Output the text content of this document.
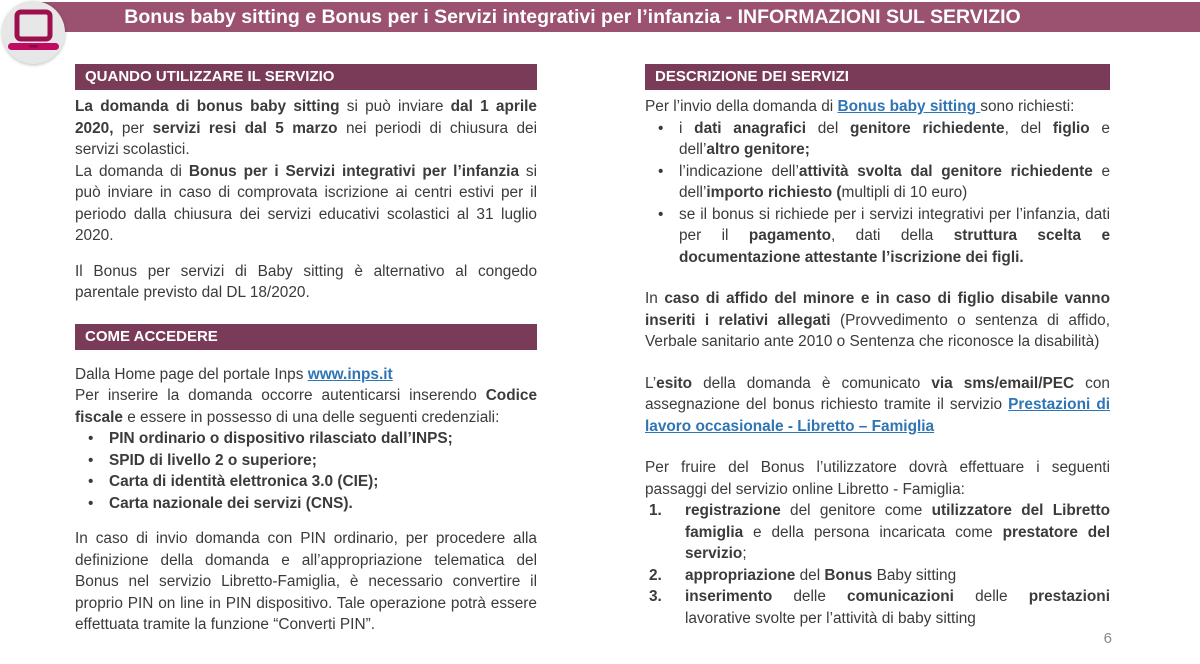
Bonus baby sitting e Bonus per i Servizi integrativi per l’infanzia - INFORMAZIONI SUL SERVIZIO
QUANDO UTILIZZARE IL SERVIZIO
La domanda di bonus baby sitting si può inviare dal 1 aprile 2020, per servizi resi dal 5 marzo nei periodi di chiusura dei servizi scolastici.
La domanda di Bonus per i Servizi integrativi per l’infanzia si può inviare in caso di comprovata iscrizione ai centri estivi per il periodo dalla chiusura dei servizi educativi scolastici al 31 luglio 2020.
Il Bonus per servizi di Baby sitting è alternativo al congedo parentale previsto dal DL 18/2020.
COME ACCEDERE
Dalla Home page del portale Inps www.inps.it
Per inserire la domanda occorre autenticarsi inserendo Codice fiscale e essere in possesso di una delle seguenti credenziali:
•	PIN ordinario o dispositivo rilasciato dall’INPS;
•	SPID di livello 2 o superiore;
•	Carta di identità elettronica 3.0 (CIE);
•	Carta nazionale dei servizi (CNS).
In caso di invio domanda con PIN ordinario, per procedere alla definizione della domanda e all’appropriazione telematica del Bonus nel servizio Libretto-Famiglia, è necessario convertire il proprio PIN on line in PIN dispositivo. Tale operazione potrà essere effettuata tramite la funzione “Converti PIN”.
DESCRIZIONE DEI SERVIZI
Per l’invio della domanda di Bonus baby sitting sono richiesti:
•	i dati anagrafici del genitore richiedente, del figlio e dell’altro genitore;
•	l’indicazione dell’attività svolta dal genitore richiedente e dell’importo richiesto (multipli di 10 euro)
•	se il bonus si richiede per i servizi integrativi per l’infanzia, dati per il pagamento, dati della struttura scelta e documentazione attestante l’iscrizione dei figli.
In caso di affido del minore e in caso di figlio disabile vanno inseriti i relativi allegati (Provvedimento o sentenza di affido, Verbale sanitario ante 2010 o Sentenza che riconosce la disabilità)
L’esito della domanda è comunicato via sms/email/PEC con assegnazione del bonus richiesto tramite il servizio Prestazioni di lavoro occasionale - Libretto – Famiglia
Per fruire del Bonus l’utilizzatore dovrà effettuare i seguenti passaggi del servizio online Libretto - Famiglia:
1.	registrazione del genitore come utilizzatore del Libretto famiglia e della persona incaricata come prestatore del servizio;
2.	appropriazione del Bonus Baby sitting
3.	inserimento delle comunicazioni delle prestazioni lavorative svolte per l’attività di baby sitting
6
